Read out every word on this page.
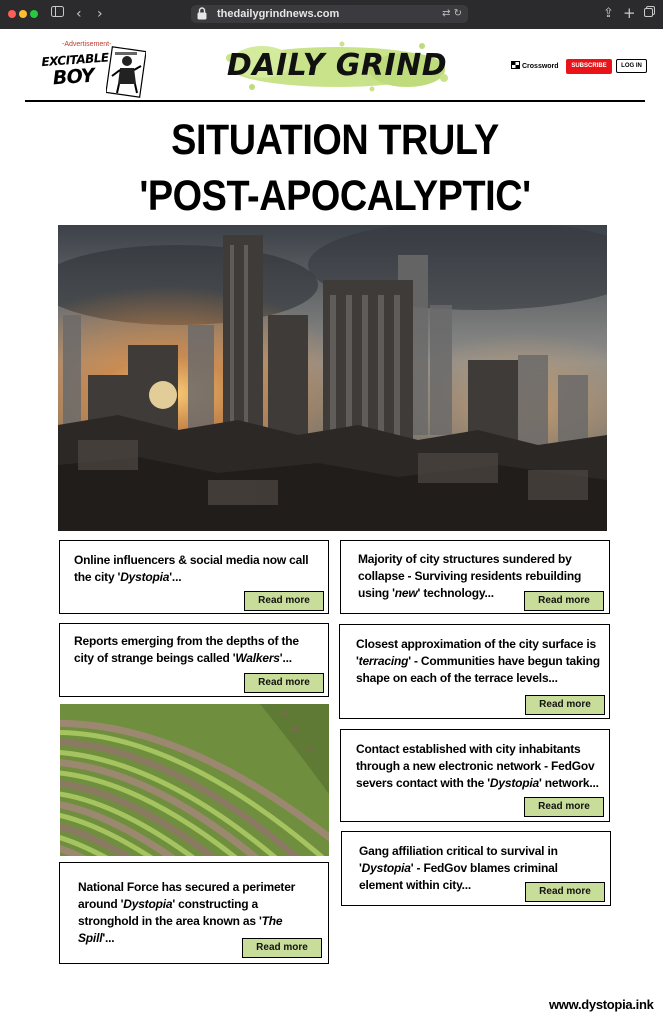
‹ ›	thedailygrindnews.com	⇄ ↻	⇪ +
-Advertisement-
EXCITABLE
BOY	DAILY GRIND	Crossword	SUBSCRIBE	LOG IN
SITUATION TRULY
'POST-APOCALYPTIC'
Online influencers & social media now call the city 'Dystopia'...
Read more
Reports emerging from the depths of the city of strange beings called 'Walkers'...
Read more
National Force has secured a perimeter around 'Dystopia' constructing a stronghold in the area known as 'The Spill'...
Read more
Majority of city structures sundered by collapse - Surviving residents rebuilding using 'new' technology...
Read more
Closest approximation of the city surface is 'terracing' - Communities have begun taking shape on each of the terrace levels...
Read more
Contact established with city inhabitants through a new electronic network - FedGov severs contact with the 'Dystopia' network...
Read more
Gang affiliation critical to survival in 'Dystopia' - FedGov blames criminal element within city...	Read more
www.dystopia.ink
